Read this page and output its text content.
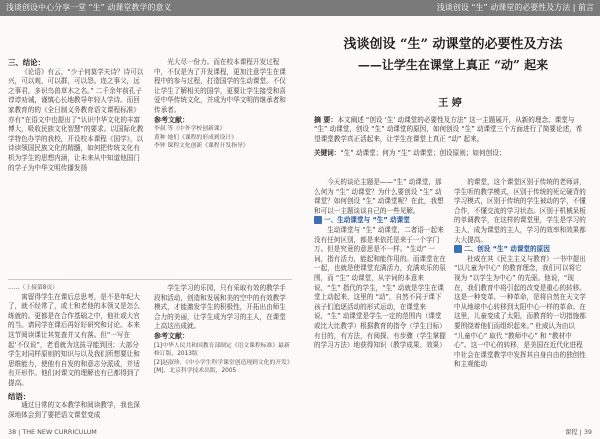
浅谈创设中心分享一堂 “生” 动课堂教学的意义	浅谈创设 “生” 动课堂的必要性及方法 | 前言

三、结论：

《论语》有云，“少子何莫学夫诗？诗可以兴，可以观，可以群，可以怨。迩之事父，远之事君，多识鸟兽草木之名。” 二千余年前孔子谆谆劝诫，谨慎心长地教导年轻人学诗。而回家教育的的《全日制义务教育语文课程标准》亦有“在语文中也提出了“认识中华文化的丰富博大，吸收民族文化智慧”的要求。以国际化教学特色办学的我校，开设校本课程《国学》，以诗读领国民族文化的精髓，如何把传统文化有机为学生的思想内涵，让未来从中知道他国门的学子为中华文明传播发扬

光大尽一份力。而在校本课程开发过程中，不仅是为了开发课程，更加注意学生在课程中的参与过程，打造国学的生动课堂。不仅让学生了解相关的国学，更要让学生接受和喜爱中华传统文化，并成为中华文明的继承者和传承者。

参考文献：

李叔 等《中外学校创新课》

黄种 她们《课程的形成到设计》

李钟 课程文化创新《课程开发指导》

……（上接第8页）

寓留得学生在课后总思考，是不是年纪大了，就不经常了，或士和老他的本领又是怎么练就的。更都是在合作基础之中，他社或大官的当。请同学在课后再好好研究和讨论。本来这节阅读课让其复查并又有落。但“一写在起‘不仅说”，老看就为这拔寻能到回；大部分学生对同样原则的知识与以及我们所想要让和思维能力，使他有自发的和意志分派成，并适有开形作。他们对课文的理解也有已都得到了提高。

结语：

通过日常的文本教学和阅读教学，我也深深地体会到了要把语文课堂变成

学生学习的乐园，只有采取有效的教学手段和活动，创造和发展和美的空中的有效教学模式，才能激发学生的积极性，开拓出由师生合力的美丽，让学生成为学习的主人，在课堂上高这出成就。

参考文献：

[1]中华人民共和国教育部制定《语文课程标准》最新修订版，2013版

[2]赵淑珍，《中小学生科学课堂创造现到文化的开发》[M]，北京科学技术出版，2005

38 | THE NEW CURRICULUM
浅谈创设 “生” 动课堂的必要性及方法
——让学生在课堂上真正 “动” 起来
王 婷
摘 要：本文阐述 “创设 ‘生’ 动课堂的必要性及方法” 这一主题展开，从新的理念、课堂与 “生” 动课堂，创设 “生” 动课堂的原因，如何创设 “生” 动课堂三个方面进行了简要论述，希望课堂教学真正活起来，让学生在课堂上真正 “动” 起来。
关键词：“生” 动课堂；何为 “生” 动课堂；创设原则；如何创设；

今天的谈论主题是——“生” 动课堂，那么何为 “生” 动课堂？为什么要创设 “生” 动课堂？如何创设 “生” 动课堂呢？在此，我想和可以一主题谈谈自己的一些见解。

一、生动课堂与 “生” 动课堂

生动课堂与 “生” 动课堂，二者语一起来没有任何区别，都是来依托是来于一个字门万。但是究竟的意思是不一样。“生动” 一词，指有活力，能起和能作用的。而课堂在在一起，也就是使课堂充满活力，充满欢乐的氛围，而 “生” 动课堂，从字词的本意来说，“生” 指代的学生，“生” 动就是学生在课堂上动起来，这里的 “动”，自然不同于课下孩子们追逐活动的形式运动，在课堂来说，“生” 动课堂是学生一定的范围内（课堂或比大比教学）根据教育的指令（学生目标）有目的，有方法，有阅探、有步骤（学生掌握的学习方法）地获得知识（教学成果、效果）

的课堂，这个课堂区别于传统的老师讲，学生听的教学模式，区别于传统的死记硬背的学习模式，区别于传统的学生被动的学，不懂合作，不懂交流的学习状态。区别于机械呆板的单调教学，在这样的课堂里，学生是学习的主人，成为课堂的主人，学习的效率和效果都大大提高。

二、创设 “生” 动课堂的原因

杜威在其《民主主义与教育》一书中提出 “以儿童为中心” 的教育理念，我们可以将它视为 “以学生为中心” 的先驱。他说，“现在，我们教育中将引起的改变是重心的转移。这是一种变革、一种革命，是将自然在天文学中从地球中心转移到太阳中心一样的革命。在这里，儿童变成了太阳，而教育的一切措施都要围绕着他们而组织起来。” 杜威认为由以 “儿童中心” 取代 “教师中心” 和 “教材中心”。这一中心的转移，是美国在近代化进程中社会在课堂教学中发挥其自身自由的独创性和主观能动

课程 | 39
